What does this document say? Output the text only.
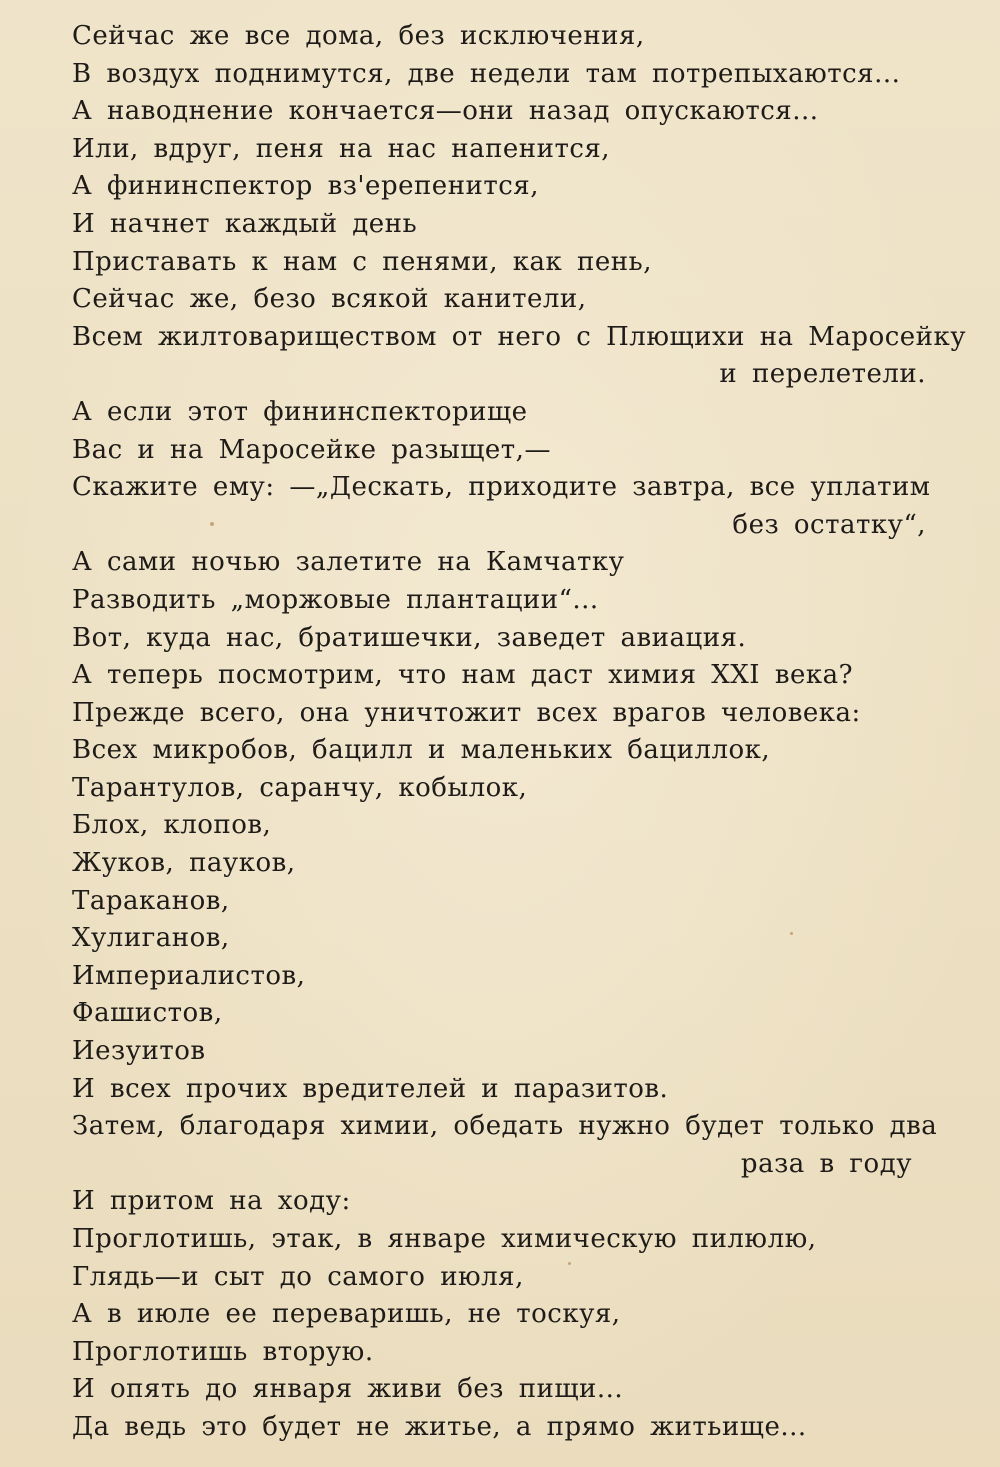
Сейчас же все дома, без исключения,
В воздух поднимутся, две недели там потрепыхаются...
А наводнение кончается—они назад опускаются...
Или, вдруг, пеня на нас напенится,
А фининспектор вз'ерепенится,
И начнет каждый день
Приставать к нам с пенями, как пень,
Сейчас же, безо всякой канители,
Всем жилтовариществом от него с Плющихи на Маросейку
и перелетели.
А если этот фининспекторище
Вас и на Маросейке разыщет,—
Скажите ему: —„Дескать, приходите завтра, все уплатим
без остатку“,
А сами ночью залетите на Камчатку
Разводить „моржовые плантации“...
Вот, куда нас, братишечки, заведет авиация.
А теперь посмотрим, что нам даст химия XXI века?
Прежде всего, она уничтожит всех врагов человека:
Всех микробов, бацилл и маленьких бациллок,
Тарантулов, саранчу, кобылок,
Блох, клопов,
Жуков, пауков,
Тараканов,
Хулиганов,
Империалистов,
Фашистов,
Иезуитов
И всех прочих вредителей и паразитов.
Затем, благодаря химии, обедать нужно будет только два
раза в году
И притом на ходу:
Проглотишь, этак, в январе химическую пилюлю,
Глядь—и сыт до самого июля,
А в июле ее переваришь, не тоскуя,
Проглотишь вторую.
И опять до января живи без пищи...
Да ведь это будет не житье, а прямо житьище...
